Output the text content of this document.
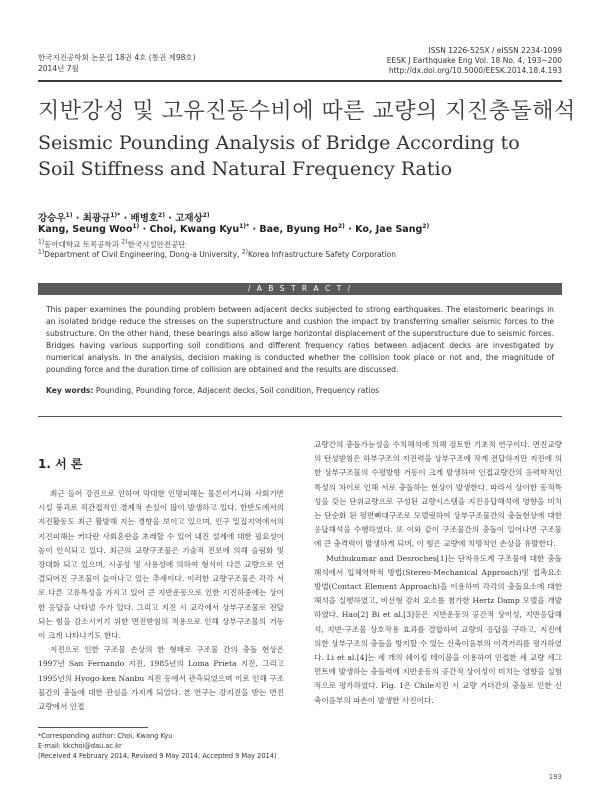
한국지진공학회 논문집 18권 4호 (통권 제98호)
2014년 7월
ISSN 1226-525X / eISSN 2234-1099
EESK J Earthquake Eng Vol. 18 No. 4, 193~200
http://dx.doi.org/10.5000/EESK.2014.18.4.193
지반강성 및 고유진동수비에 따른 교량의 지진충돌해석
Seismic Pounding Analysis of Bridge According to Soil Stiffness and Natural Frequency Ratio
강승우$^{1)}$ · 최광규$^{1)*}$ · 배병호$^{2)}$ · 고재상$^{2)}$
Kang, Seung Woo$^{1)}$ · Choi, Kwang Kyu$^{1)*}$ · Bae, Byung $Ho^{2)} \cdot Ko$, Jae Sang$^{2)}$
$^{1)}$동아대학교 토목공학과 $^{2)}$한국시설안전공단
$^{1)}$Department of Civil Engineering, Dong-a University, $^{2)}$Korea Infrastructure Safety Corporation
/ A B S T R A C T /
This paper examines the pounding problem between adjacent decks subjected to strong earthquakes. The elastomeric bearings in an isolated bridge reduce the stresses on the superstructure and cushion the impact by transferring smaller seismic forces to the substructure. On the other hand, these bearings also allow large horizontal displacement of the superstructure due to seismic forces. Bridges having various supporting soil conditions and different frequency ratios between adjacent decks are investigated by numerical analysis. In the analysis, decision making is conducted whether the collision took place or not and, the magnitude of pounding force and the duration time of collision are obtained and the results are discussed.
Key words: Pounding, Pounding force, Adjacent decks, Soil condition, Frequency ratios
1. 서 론

최근 들어 강진으로 인하여 막대한 인명피해는 물론이거니와 사회기반시설 붕괴로 직간접적인 경제적 손실이 많이 발생하고 있다. 한반도에서의 지진활동도 최근 활발해 지는 경향을 보이고 있으며, 인구 밀집지역에서의 지진피해는 커다란 사회혼란을 초래할 수 있어 내진 설계에 대한 필요성이 높이 인식되고 있다. 최근의 교량구조물은 기술적 진보에 의해 슬림화 및 장대화 되고 있으며, 시공성 및 사용성에 의하여 형식이 다른 교량으로 연결되어진 구조물이 늘어나고 있는 추세이다. 이러한 교량구조물은 각각 서로 다른 고유특성을 가지고 있어 큰 지반운동으로 인한 지진하중에는 상이한 응답을 나타낼 수가 있다. 그리고 지진 시 교각에서 상부구조물로 전달되는 힘을 감소시키기 위한 면진받침의 적용으로 인해 상부구조물의 거동이 크게 나타나기도 한다.

지진으로 인한 구조물 손상의 한 형태로 구조물 간의 충돌 현상은 1997년 San Fernando 지진, 1985년의 Loma Prieta 지진, 그리고 1995년의 Hyogo-ken Nanbu 지진 등에서 관측되었으며 이로 인해 구조물간의 충돌에 대한 관심을 가지게 되었다. 본 연구는 강지진을 받는 면진교량에서 인접

교량간의 충돌가능성을 수치해석에 의해 검토한 기초적 연구이다. 면진교량의 탄성받침은 하부구조의 지진력을 상부구조에 작게 전달하지만 지진에 의한 상부구조물의 수평방향 거동이 크게 발생하여 인접교량간의 응력학적인 특성의 차이로 인해 서로 충돌하는 현상이 발생한다. 따라서 상이한 동적특성을 갖는 단위교량으로 구성된 교량시스템을 지진응답해석에 영향을 미치는 단순화 된 평면뼈대구조로 모델링하여 상부구조물간의 충돌현상에 대한 응답해석을 수행하였다. 또 이와 같이 구조물간의 충돌이 일어나면 구조물에 큰 충격력이 발생하게 되며, 이 힘은 교량에 치명적인 손상을 유발한다.

Muthukumar and Desroches[1]는 단자유도계 구조물에 대한 충돌해석에서 입체역학적 방법(Stereo-Mechanical Approach)및 접촉요소 방법(Contact Element Approach)을 이용하여 각각의 충돌요소에 대한 해석을 실행하였고, 비선형 감쇠 요소를 첨가한 Hertz Damp 모델을 개발하였다. Hao[2] Bi et al.[3]등은 지반운동의 공간적 상이성, 지반응답해석, 지반-구조물 상호작용 효과를 결합하여 교량의 응답을 구하고, 지진에 의한 상부구조의 충돌을 방지할 수 있는 신축이음부의 이격거리를 평가하였다. Li et al.[4]는 세 개의 쉐이킹 테이블을 이용하여 인접한 세 교량 세그먼트에 발생하는 충돌력에 지반운동의 공간적 상이성이 미치는 영향을 실험적으로 평가하였다. Fig. 1은 Chile지진 시 교량 거더간의 충돌로 인한 신축이음부의 파손이 발생한 사진이다.

*Corresponding author: Choi, Kwang Kyu
E-mail: kkchoi@dau.ac.kr
(Received 4 February 2014; Revised 9 May 2014; Accepted 9 May 2014)
193
